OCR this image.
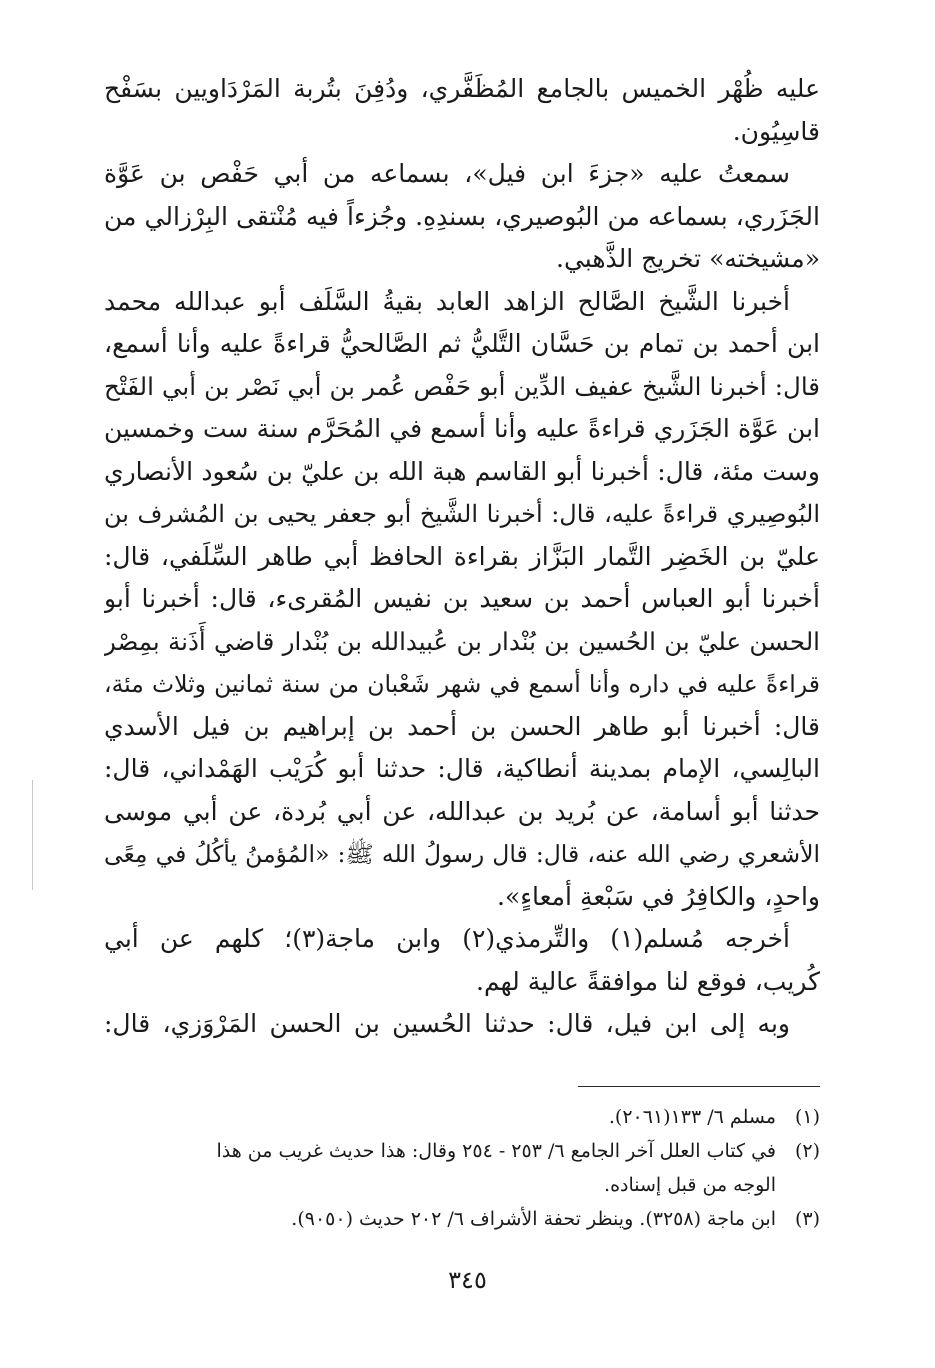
عليه ظُهْر الخميس بالجامع المُظَفَّري، ودُفِنَ بتُربة المَرْدَاويين بسَفْح
قاسِيُون.
سمعتُ عليه «جزءَ ابن فيل»، بسماعه من أبي حَفْص بن عَوَّة
الجَزَري، بسماعه من البُوصيري، بسندِهِ. وجُزءاً فيه مُنْتقى البِرْزالي من
«مشيخته» تخريج الذَّهبي.
أخبرنا الشَّيخ الصَّالح الزاهد العابد بقيةُ السَّلَف أبو عبدالله محمد
ابن أحمد بن تمام بن حَسَّان التَّليُّ ثم الصَّالحيُّ قراءةً عليه وأنا أسمع،
قال: أخبرنا الشَّيخ عفيف الدِّين أبو حَفْص عُمر بن أبي نَصْر بن أبي الفَتْح
ابن عَوَّة الجَزَري قراءةً عليه وأنا أسمع في المُحَرَّم سنة ست وخمسين
وست مئة، قال: أخبرنا أبو القاسم هبة الله بن عليّ بن سُعود الأنصاري
البُوصِيري قراءةً عليه، قال: أخبرنا الشَّيخ أبو جعفر يحيى بن المُشرف بن
عليّ بن الخَضِر التَّمار البَزَّاز بقراءة الحافظ أبي طاهر السِّلَفي، قال:
أخبرنا أبو العباس أحمد بن سعيد بن نفيس المُقرىء، قال: أخبرنا أبو
الحسن عليّ بن الحُسين بن بُنْدار بن عُبيدالله بن بُنْدار قاضي أَذَنة بمِصْر
قراءةً عليه في داره وأنا أسمع في شهر شَعْبان من سنة ثمانين وثلاث مئة،
قال: أخبرنا أبو طاهر الحسن بن أحمد بن إبراهيم بن فيل الأسدي
البالِسي، الإمام بمدينة أنطاكية، قال: حدثنا أبو كُرَيْب الهَمْداني، قال:
حدثنا أبو أسامة، عن بُريد بن عبدالله، عن أبي بُردة، عن أبي موسى
الأشعري رضي الله عنه، قال: قال رسولُ الله ﷺ: «المُؤمنُ يأكُلُ في مِعًى
واحدٍ، والكافِرُ في سَبْعةِ أمعاءٍ».
أخرجه مُسلم(١) والتِّرمذي(٢) وابن ماجة(٣)؛ كلهم عن أبي
كُريب، فوقع لنا موافقةً عالية لهم.
وبه إلى ابن فيل، قال: حدثنا الحُسين بن الحسن المَرْوَزي، قال:
(١)
مسلم ٦/ ١٣٣(٢٠٦١).
(٢)
في كتاب العلل آخر الجامع ٦/ ٢٥٣ - ٢٥٤ وقال: هذا حديث غريب من هذا
الوجه من قبل إسناده.
(٣)
ابن ماجة (٣٢٥٨). وينظر تحفة الأشراف ٦/ ٢٠٢ حديث (٩٠٥٠).
٣٤٥
